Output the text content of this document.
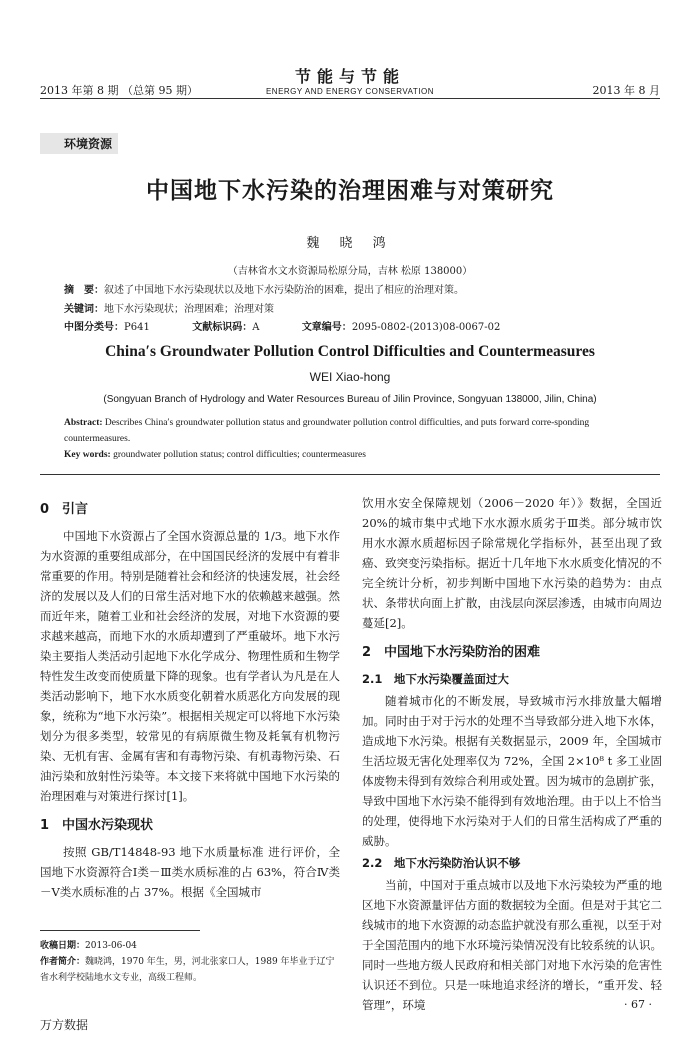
2013 年第 8 期 （总第 95 期）
节能与节能
ENERGY AND ENERGY CONSERVATION	2013 年 8 月
环境资源
中国地下水污染的治理困难与对策研究
魏 晓 鸿
（吉林省水文水资源局松原分局，吉林 松原 138000）
摘　要：叙述了中国地下水污染现状以及地下水污染防治的困难，提出了相应的治理对策。
关键词：地下水污染现状；治理困难；治理对策
中图分类号：P641	文献标识码：A	文章编号：2095-0802-(2013)08-0067-02
China′s Groundwater Pollution Control Difficulties and Countermeasures
WEI Xiao-hong
(Songyuan Branch of Hydrology and Water Resources Bureau of Jilin Province, Songyuan 138000, Jilin, China)
Abstract: Describes China′s groundwater pollution status and groundwater pollution control difficulties, and puts forward corre-sponding countermeasures.
Key words: groundwater pollution status; control difficulties; countermeasures
0　引言

中国地下水资源占了全国水资源总量的 1/3。地下水作为水资源的重要组成部分，在中国国民经济的发展中有着非常重要的作用。特别是随着社会和经济的快速发展，社会经济的发展以及人们的日常生活对地下水的依赖越来越强。然而近年来，随着工业和社会经济的发展，对地下水资源的要求越来越高，而地下水的水质却遭到了严重破坏。地下水污染主要指人类活动引起地下水化学成分、物理性质和生物学特性发生改变而使质量下降的现象。也有学者认为凡是在人类活动影响下，地下水水质变化朝着水质恶化方向发展的现象，统称为“地下水污染”。根据相关规定可以将地下水污染划分为很多类型，较常见的有病原微生物及耗氧有机物污染、无机有害、金属有害和有毒物污染、有机毒物污染、石油污染和放射性污染等。本文接下来将就中国地下水污染的治理困难与对策进行探讨[1]。

1　中国水污染现状

按照 GB/T14848-93 地下水质量标准 进行评价，全国地下水资源符合Ⅰ类－Ⅲ类水质标准的占 63%，符合Ⅳ类－Ⅴ类水质标准的占 37%。根据《全国城市

收稿日期：2013-06-04
作者简介：魏晓鸿，1970 年生，男，河北张家口人，1989 年毕业于辽宁省水利学校陆地水文专业，高级工程师。

饮用水安全保障规划（2006－2020 年）》数据，全国近 20%的城市集中式地下水水源水质劣于Ⅲ类。部分城市饮用水水源水质超标因子除常规化学指标外，甚至出现了致癌、致突变污染指标。据近十几年地下水水质变化情况的不完全统计分析，初步判断中国地下水污染的趋势为：由点状、条带状向面上扩散，由浅层向深层渗透，由城市向周边蔓延[2]。

2　中国地下水污染防治的困难
2.1　地下水污染覆盖面过大

随着城市化的不断发展，导致城市污水排放量大幅增加。同时由于对于污水的处理不当导致部分进入地下水体，造成地下水污染。根据有关数据显示，2009 年，全国城市生活垃圾无害化处理率仅为 72%，全国 2×10⁸ t 多工业固体废物未得到有效综合利用或处置。因为城市的急剧扩张，导致中国地下水污染不能得到有效地治理。由于以上不恰当的处理，使得地下水污染对于人们的日常生活构成了严重的威胁。

2.2　地下水污染防治认识不够

当前，中国对于重点城市以及地下水污染较为严重的地区地下水资源量评估方面的数据较为全面。但是对于其它二线城市的地下水资源的动态监护就没有那么重视，以至于对于全国范围内的地下水环境污染情况没有比较系统的认识。同时一些地方级人民政府和相关部门对地下水污染的危害性认识还不到位。只是一味地追求经济的增长，“重开发、轻管理”，环境	· 67 ·
万方数据
